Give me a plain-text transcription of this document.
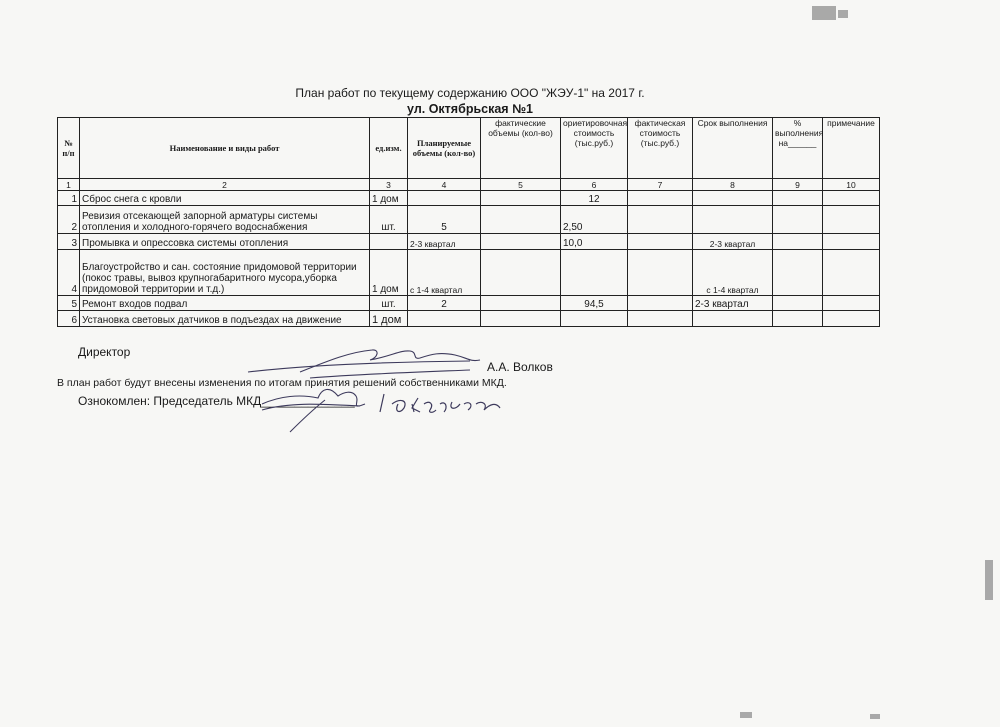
План работ по текущему содержанию ООО "ЖЭУ-1" на 2017 г.
ул. Октябрьская №1
№ п/п	Наименование и виды работ	ед.изм.	Планируемые объемы (кол-во)	фактические объемы (кол-во)	ориетировочная стоимость (тыс.руб.)	фактическая стоимость (тыс.руб.)	Срок выполнения	% выполнения на______	примечание
1	2	3	4	5	6	7	8	9	10
1	Сброс снега с кровли	1 дом			12				
2	Ревизия отсекающей запорной арматуры системы отопления и холодного-горячего водоснабжения	шт.	5		2,50				
3	Промывка и опрессовка системы отопления		2-3 квартал		10,0		2-3 квартал		
4	Благоустройство и сан. состояние придомовой территории (покос травы, вывоз крупногабаритного мусора,уборка придомовой территории и т.д.)	1 дом	с 1-4 квартал				с 1-4 квартал		
5	Ремонт входов подвал	шт.	2		94,5		2-3 квартал		
6	Установка световых датчиков в подъездах на движение	1 дом							
Директор
А.А. Волков
В план работ будут внесены изменения по итогам принятия решений собственниками МКД.
Ознокомлен: Председатель МКД______________
